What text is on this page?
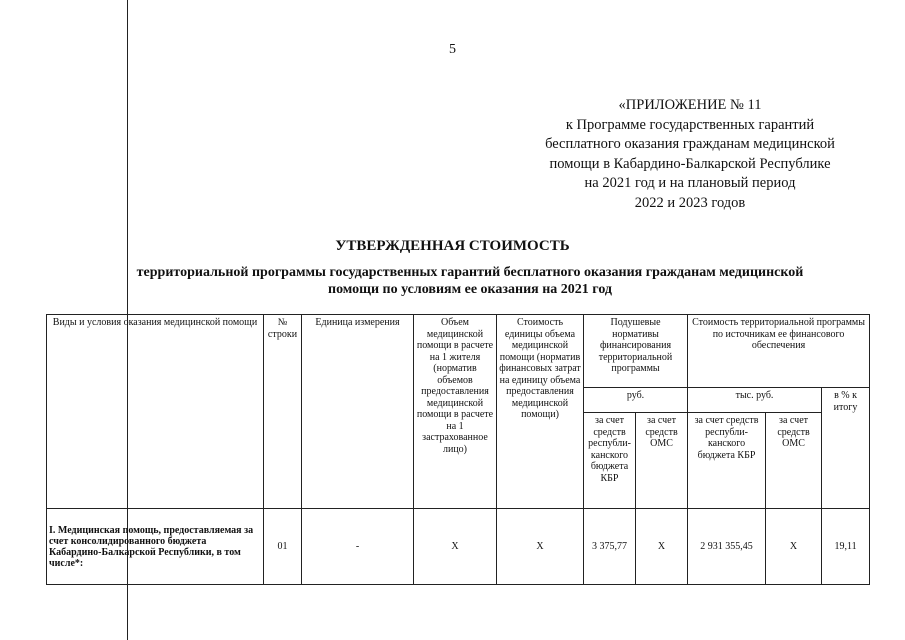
5
«ПРИЛОЖЕНИЕ № 11
к Программе государственных гарантий
бесплатного оказания гражданам медицинской
помощи в Кабардино-Балкарской Республике
на 2021 год и на плановый период
2022 и 2023 годов
УТВЕРЖДЕННАЯ СТОИМОСТЬ
территориальной программы государственных гарантий бесплатного оказания гражданам медицинской
помощи по условиям ее оказания на 2021 год
Виды и условия оказания медицинской помощи	№ строки	Единица измерения	Объем медицинской помощи в расчете на 1 жителя (норматив объемов предоставления медицинской помощи в расчете на 1 застрахованное лицо)	Стоимость единицы объема медицинской помощи (норматив финансовых затрат на единицу объема предоставления медицинской помощи)	Подушевые нормативы финансирования территориальной программы		Стоимость территориальной программы по источникам ее финансового обеспечения		
					руб.		тыс. руб.		в % к итогу
					за счет средств республи-канского бюджета КБР	за счет средств ОМС	за счет средств республи-канского бюджета КБР	за счет средств ОМС	
I. Медицинская помощь, предоставляемая за счет консолидированного бюджета Кабардино-Балкарской Республики, в том числе*:	01	-	Х	Х	3 375,77	Х	2 931 355,45	Х	19,11
